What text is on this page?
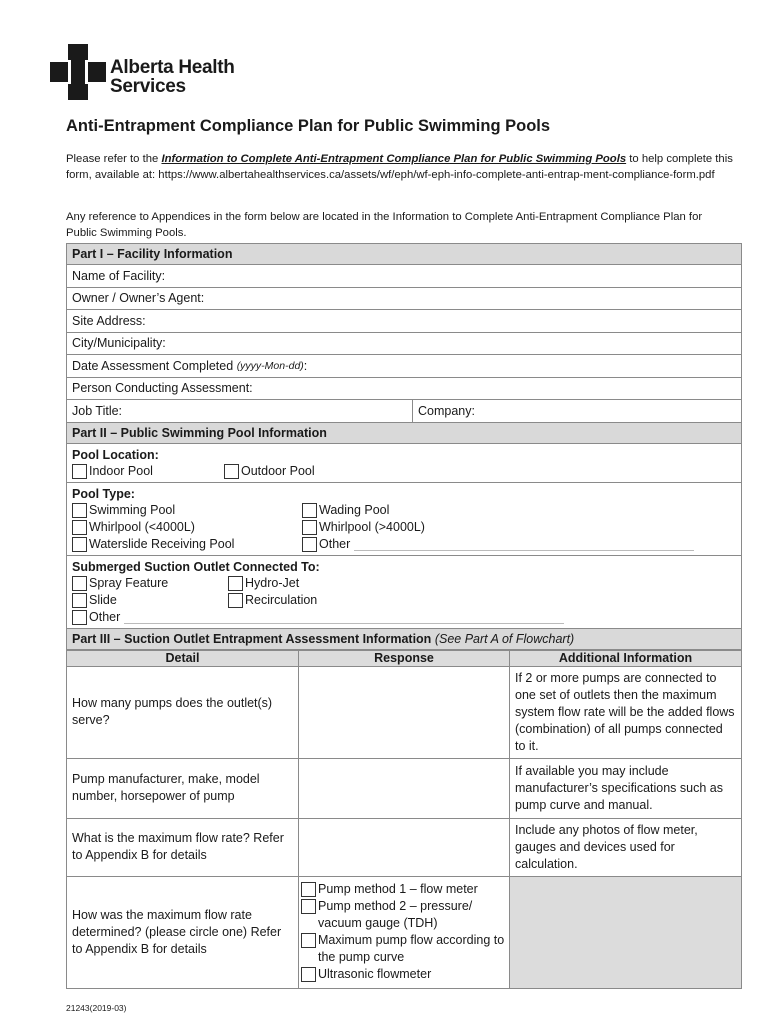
Alberta Health
Services
Anti-Entrapment Compliance Plan for Public Swimming Pools
Please refer to the Information to Complete Anti-Entrapment Compliance Plan for Public Swimming Pools to help complete this form, available at: https://www.albertahealthservices.ca/assets/wf/eph/wf-eph-info-complete-anti-entrap-ment-compliance-form.pdf
Any reference to Appendices in the form below are located in the Information to Complete Anti-Entrapment Compliance Plan for Public Swimming Pools.
Part I – Facility Information
Name of Facility:
Owner / Owner’s Agent:
Site Address:
City/Municipality:
Date Assessment Completed
(yyyy-Mon-dd) :
Person Conducting Assessment:
Job Title:	Company:
Part II – Public Swimming Pool Information
Pool Location:
Indoor Pool	Outdoor Pool
Pool Type:
Swimming Pool	Wading Pool
Whirlpool (<4000L)	Whirlpool (>4000L)
Waterslide Receiving Pool	Other
Submerged Suction Outlet Connected To:
Spray Feature	Hydro-Jet
Slide	Recirculation
Other
Part III – Suction Outlet Entrapment Assessment Information
(See Part A of Flowchart)
Detail	Response	Additional Information
How many pumps does the outlet(s) serve?		If 2 or more pumps are connected to one set of outlets then the maximum system flow rate will be the added flows (combination) of all pumps connected to it.
Pump manufacturer, make, model number, horsepower of pump		If available you may include manufacturer’s specifications such as pump curve and manual.
What is the maximum flow rate? Refer to Appendix B for details		Include any photos of flow meter, gauges and devices used for calculation.
How was the maximum flow rate determined? (please circle one) Refer to Appendix B for details	Pump method 1 – flow meter
Pump method 2 – pressure/ vacuum gauge (TDH)
Maximum pump flow according to the pump curve
Ultrasonic flowmeter	

21243(2019-03)
